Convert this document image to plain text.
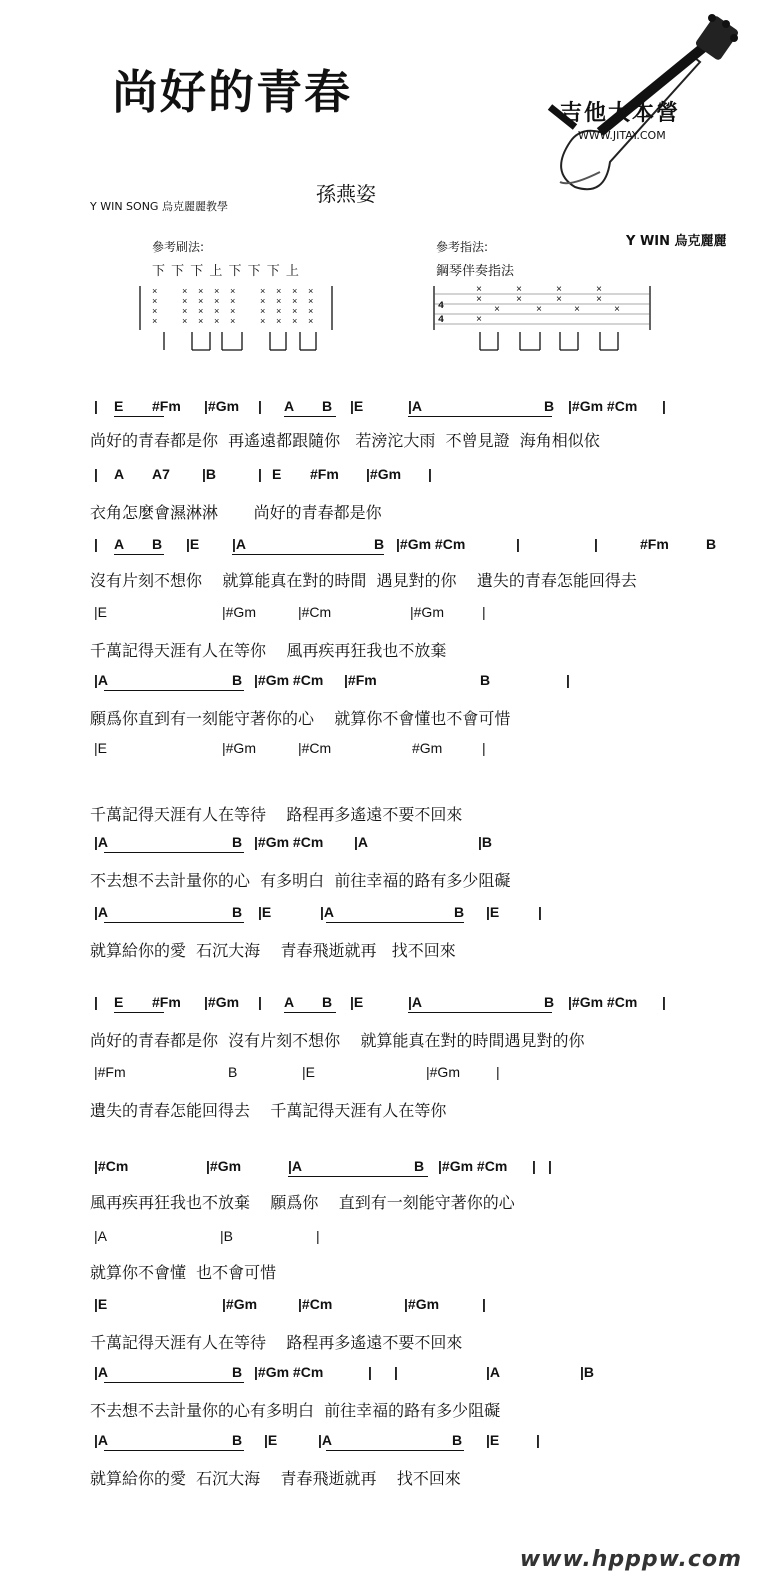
尚好的青春
孫燕姿
Y WIN SONG 烏克麗麗教學
Y WIN 烏克麗麗
吉他大本營
WWW.JITAY.COM
參考刷法:
下 下 下 上 下 下 下 上
×
×
×
×
×
×
×
×
×
×
×
×
×
×
×
×
×
×
×
×
×
×
×
×
×
×
×
×
×
×
×
×
×
×
×
×
參考指法:
鋼琴伴奏指法
4
4
×
×
×
×
×
×
×
×
×
×
×
×
×
| E #Fm |#Gm | A B |E	|A	B |#Gm #Cm |
尚好的青春都是你  再遙遠都跟隨你   若滂沱大雨  不曾見證  海角相似依
| A A7 |B	| E #Fm |#Gm |
衣角怎麼會濕淋淋       尚好的青春都是你
| A B |E |A	B |#Gm #Cm	|	#Fm	B
|
沒有片刻不想你    就算能真在對的時間  遇見對的你    遺失的青春怎能回得去
|E	|#Gm	|#Cm	|#Gm	|
千萬記得天涯有人在等你    風再疾再狂我也不放棄
|A	B |#Gm #Cm |#Fm	B	|
願爲你直到有一刻能守著你的心    就算你不會懂也不會可惜
|E	|#Gm	|#Cm	#Gm	|
千萬記得天涯有人在等待    路程再多遙遠不要不回來
|A	B |#Gm #Cm |A	|B
不去想不去計量你的心  有多明白  前往幸福的路有多少阻礙
|A	B |E	|A	B |E	|
就算給你的愛  石沉大海    青春飛逝就再   找不回來
| E #Fm |#Gm | A B |E	|A	B |#Gm #Cm |
尚好的青春都是你  沒有片刻不想你    就算能真在對的時間遇見對的你
|#Fm	B	|E	|#Gm	|
遺失的青春怎能回得去    千萬記得天涯有人在等你
|#Cm	|#Gm	|A	B |#Gm #Cm | |
風再疾再狂我也不放棄    願爲你    直到有一刻能守著你的心
|A	|B	|
就算你不會懂  也不會可惜
|E	|#Gm	|#Cm	|#Gm	|
千萬記得天涯有人在等待    路程再多遙遠不要不回來
|A	B |#Gm #Cm	|	|A	|B
|
不去想不去計量你的心有多明白  前往幸福的路有多少阻礙
|A	B |E	|A	B |E	|
就算給你的愛  石沉大海    青春飛逝就再    找不回來
www.hpppw.com
